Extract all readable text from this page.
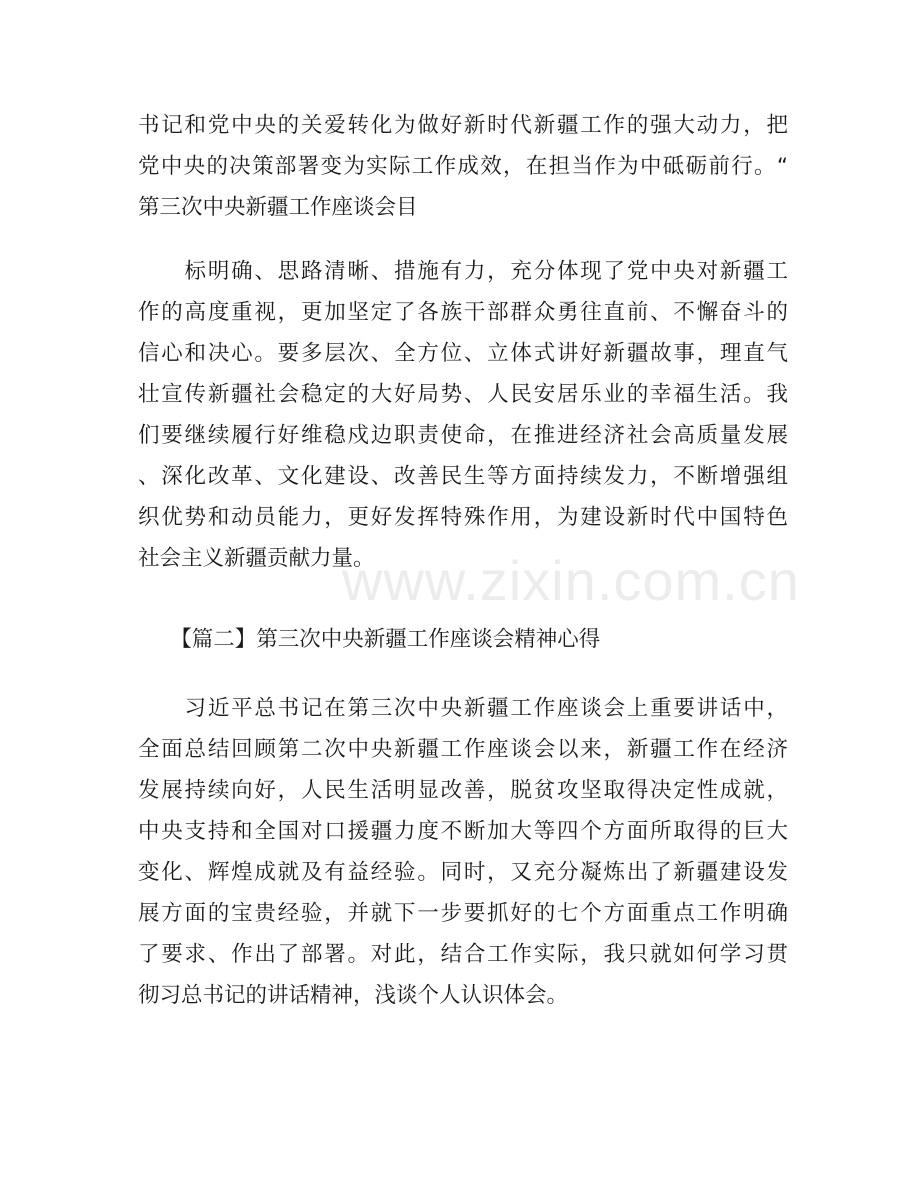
书记和党中央的关爱转化为做好新时代新疆工作的强大动力，把
党中央的决策部署变为实际工作成效，在担当作为中砥砺前行。“
第三次中央新疆工作座谈会目
　　标明确、思路清晰、措施有力，充分体现了党中央对新疆工
作的高度重视，更加坚定了各族干部群众勇往直前、不懈奋斗的
信心和决心。要多层次、全方位、立体式讲好新疆故事，理直气
壮宣传新疆社会稳定的大好局势、人民安居乐业的幸福生活。我
们要继续履行好维稳戍边职责使命，在推进经济社会高质量发展
、深化改革、文化建设、改善民生等方面持续发力，不断增强组
织优势和动员能力，更好发挥特殊作用，为建设新时代中国特色
社会主义新疆贡献力量。
　　【篇二】第三次中央新疆工作座谈会精神心得
　　习近平总书记在第三次中央新疆工作座谈会上重要讲话中，
全面总结回顾第二次中央新疆工作座谈会以来，新疆工作在经济
发展持续向好，人民生活明显改善，脱贫攻坚取得决定性成就，
中央支持和全国对口援疆力度不断加大等四个方面所取得的巨大
变化、辉煌成就及有益经验。同时，又充分凝炼出了新疆建设发
展方面的宝贵经验，并就下一步要抓好的七个方面重点工作明确
了要求、作出了部署。对此，结合工作实际，我只就如何学习贯
彻习总书记的讲话精神，浅谈个人认识体会。
www.zixin.com.cn
